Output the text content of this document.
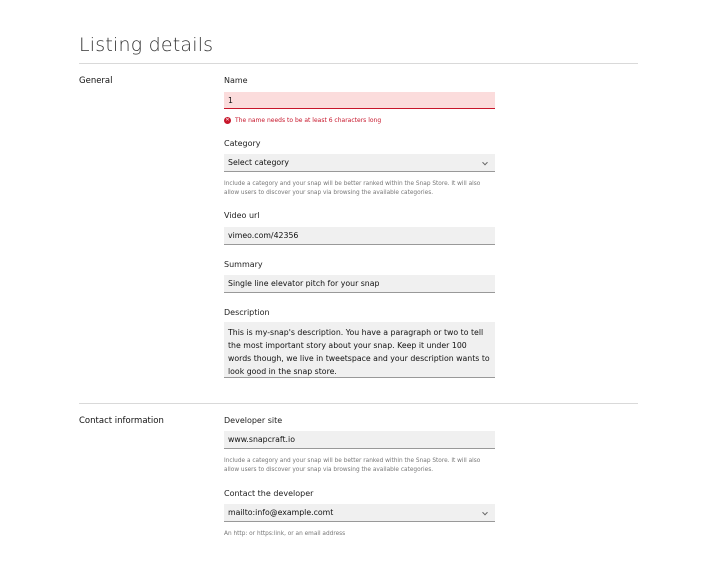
Listing details
General	Name
1
✕ The name needs to be at least 6 characters long
Category
Select category
Include a category and your snap will be better ranked within the Snap Store. It will also allow users to discover your snap via browsing the available categories.
Video url
vimeo.com/42356
Summary
Single line elevator pitch for your snap
Description
This is my-snap's description. You have a paragraph or two to tell the most important story about your snap. Keep it under 100 words though, we live in tweetspace and your description wants to look good in the snap store.
Contact information	Developer site
www.snapcraft.io
Include a category and your snap will be better ranked within the Snap Store. It will also allow users to discover your snap via browsing the available categories.
Contact the developer
mailto:info@example.comt
An http: or https:link, or an email address
